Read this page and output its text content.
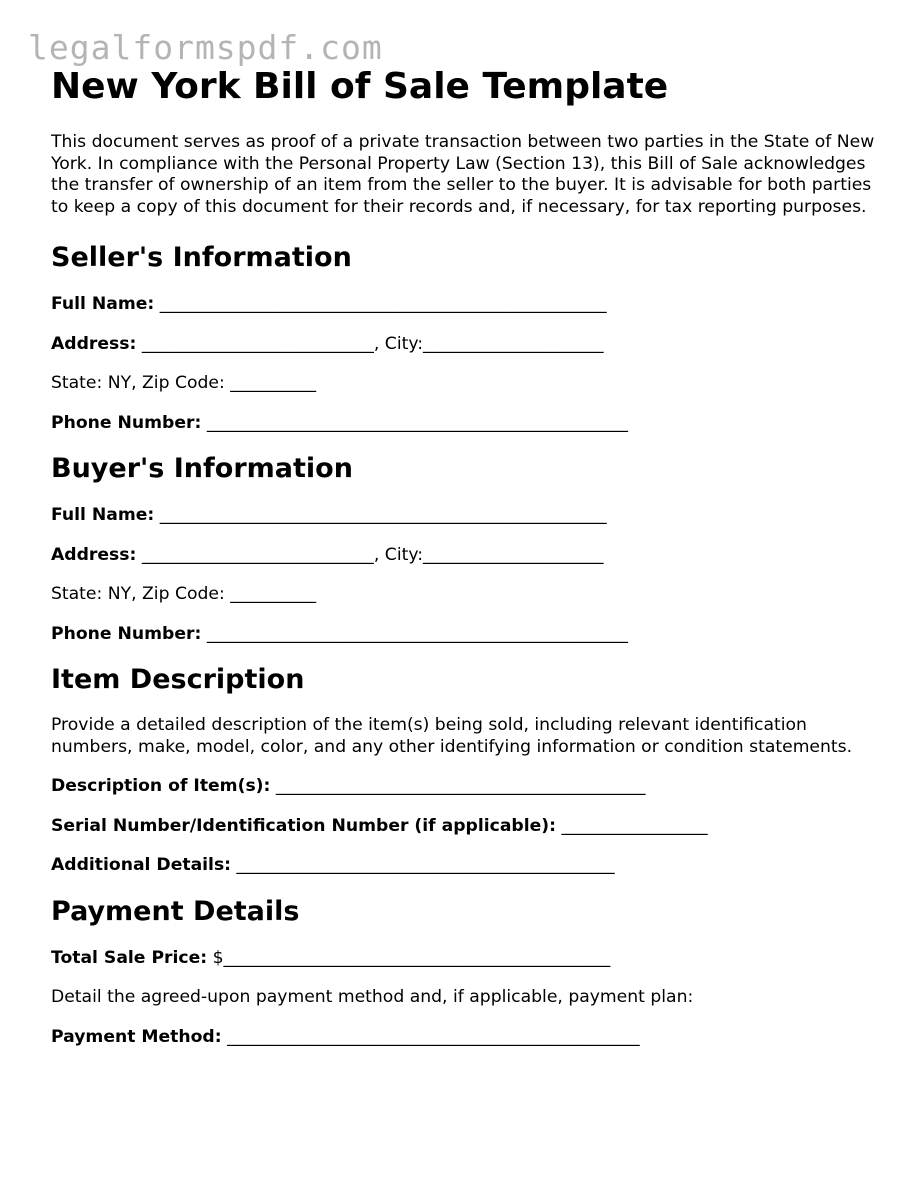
legalformspdf.com
New York Bill of Sale Template

This document serves as proof of a private transaction between two parties in the State of New York. In compliance with the Personal Property Law (Section 13), this Bill of Sale acknowledges the transfer of ownership of an item from the seller to the buyer. It is advisable for both parties to keep a copy of this document for their records and, if necessary, for tax reporting purposes.

Seller's Information
Full Name: ____________________________________________________
Address: ___________________________, City:_____________________
State: NY, Zip Code: __________
Phone Number: _________________________________________________
Buyer's Information
Full Name: ____________________________________________________
Address: ___________________________, City:_____________________
State: NY, Zip Code: __________
Phone Number: _________________________________________________
Item Description

Provide a detailed description of the item(s) being sold, including relevant identification numbers, make, model, color, and any other identifying information or condition statements.

Description of Item(s): ___________________________________________
Serial Number/Identification Number (if applicable): _________________
Additional Details: ____________________________________________
Payment Details
Total Sale Price: $_____________________________________________
Detail the agreed-upon payment method and, if applicable, payment plan:
Payment Method: ________________________________________________
